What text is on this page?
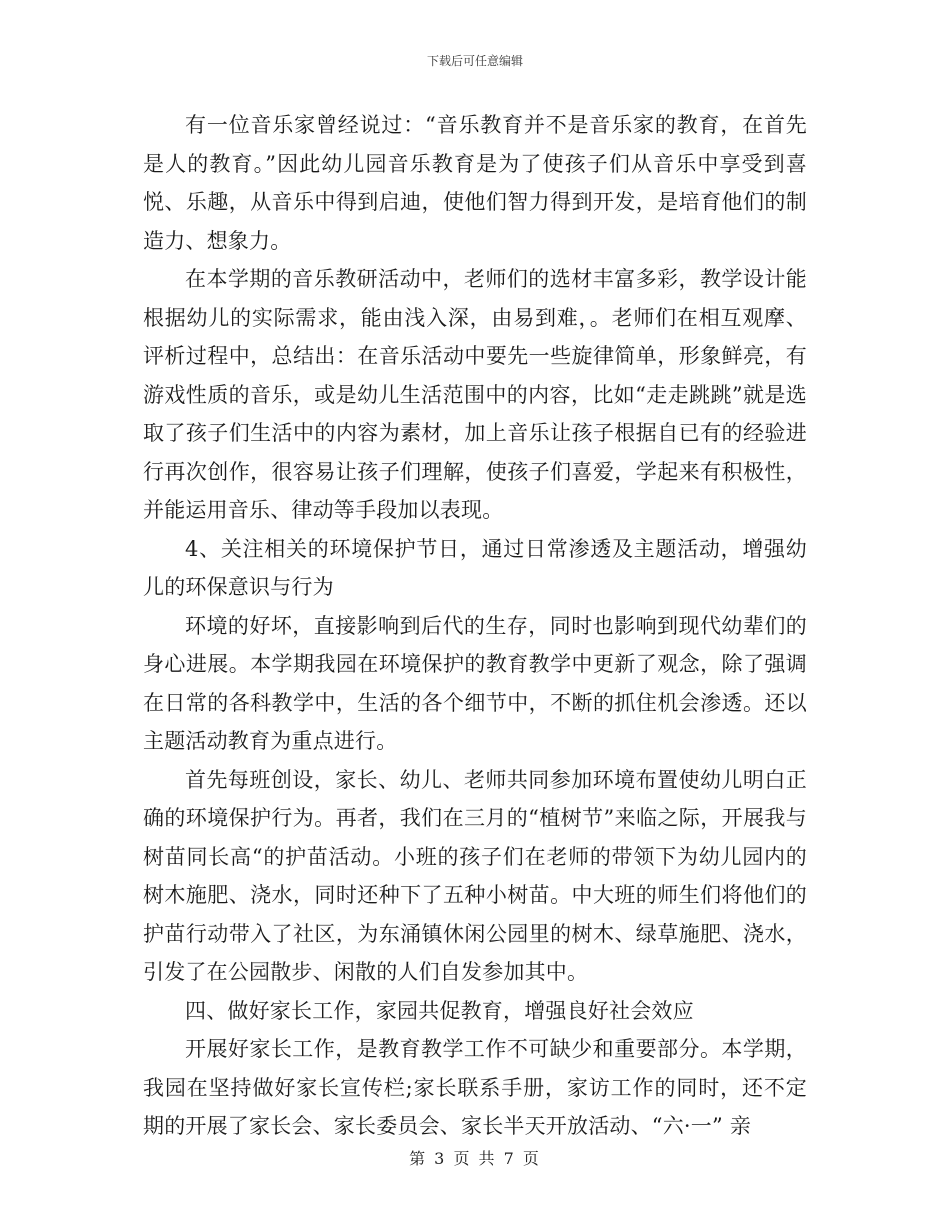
下载后可任意编辑

有一位音乐家曾经说过：“音乐教育并不是音乐家的教育，在首先是人的教育。”因此幼儿园音乐教育是为了使孩子们从音乐中享受到喜悦、乐趣，从音乐中得到启迪，使他们智力得到开发，是培育他们的制造力、想象力。

在本学期的音乐教研活动中，老师们的选材丰富多彩，教学设计能根据幼儿的实际需求，能由浅入深，由易到难，。老师们在相互观摩、评析过程中，总结出：在音乐活动中要先一些旋律简单，形象鲜亮，有游戏性质的音乐，或是幼儿生活范围中的内容，比如“走走跳跳”就是选取了孩子们生活中的内容为素材，加上音乐让孩子根据自已有的经验进行再次创作，很容易让孩子们理解，使孩子们喜爱，学起来有积极性，并能运用音乐、律动等手段加以表现。

4、关注相关的环境保护节日，通过日常渗透及主题活动，增强幼儿的环保意识与行为

环境的好坏，直接影响到后代的生存，同时也影响到现代幼辈们的身心进展。本学期我园在环境保护的教育教学中更新了观念，除了强调在日常的各科教学中，生活的各个细节中，不断的抓住机会渗透。还以主题活动教育为重点进行。

首先每班创设，家长、幼儿、老师共同参加环境布置使幼儿明白正确的环境保护行为。再者，我们在三月的“植树节”来临之际，开展我与树苗同长高“的护苗活动。小班的孩子们在老师的带领下为幼儿园内的树木施肥、浇水，同时还种下了五种小树苗。中大班的师生们将他们的护苗行动带入了社区，为东涌镇休闲公园里的树木、绿草施肥、浇水，引发了在公园散步、闲散的人们自发参加其中。

四、做好家长工作，家园共促教育，增强良好社会效应

开展好家长工作，是教育教学工作不可缺少和重要部分。本学期，我园在坚持做好家长宣传栏;家长联系手册，家访工作的同时，还不定期的开展了家长会、家长委员会、家长半天开放活动、“六·一” 亲

第 3 页 共 7 页
